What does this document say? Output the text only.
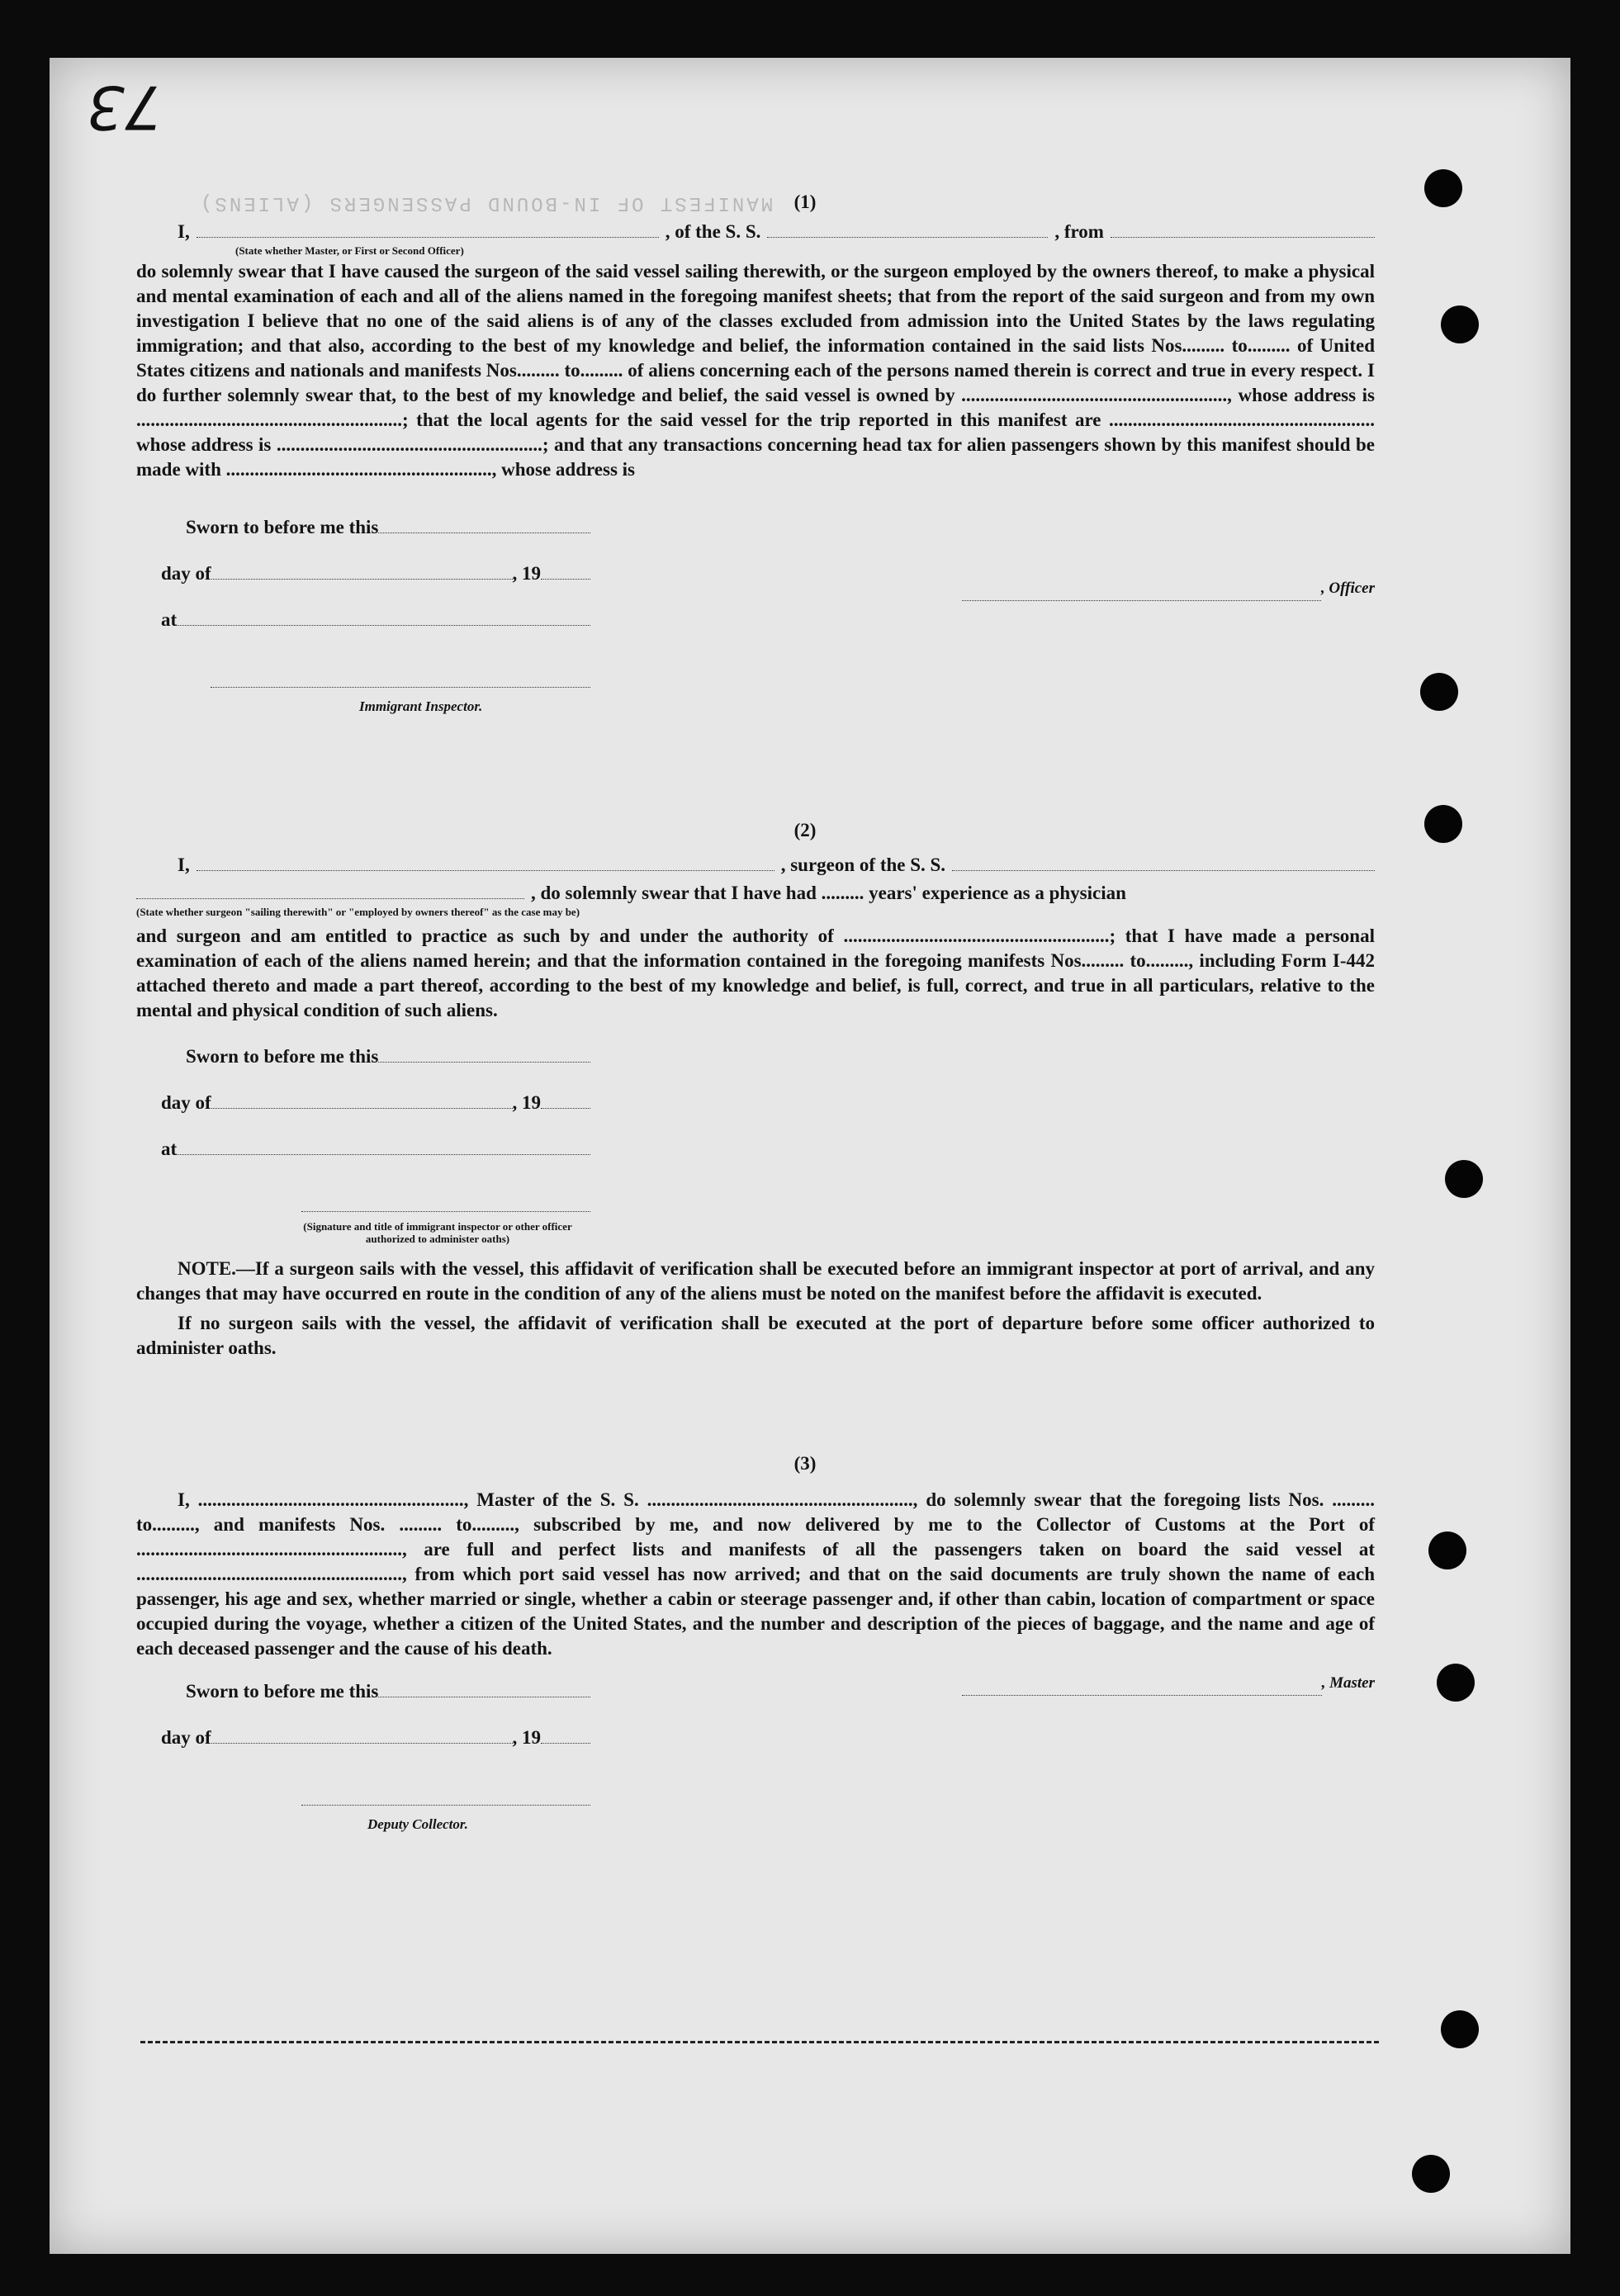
73
MANIFEST OF IN-BOUND PASSENGERS (ALIENS)	(1)
I,	, of the S. S.	, from
(State whether Master, or First or Second Officer)

do solemnly swear that I have caused the surgeon of the said vessel sailing therewith, or the surgeon employed by the owners thereof, to make a physical and mental examination of each and all of the aliens named in the foregoing manifest sheets; that from the report of the said surgeon and from my own investigation I believe that no one of the said aliens is of any of the classes excluded from admission into the United States by the laws regulating immigration; and that also, according to the best of my knowledge and belief, the information contained in the said lists Nos......... to......... of United States citizens and nationals and manifests Nos......... to......... of aliens concerning each of the persons named therein is correct and true in every respect. I do further solemnly swear that, to the best of my knowledge and belief, the said vessel is owned by ........................................................, whose address is ........................................................; that the local agents for the said vessel for the trip reported in this manifest are ........................................................ whose address is ........................................................; and that any transactions concerning head tax for alien passengers shown by this manifest should be made with ........................................................, whose address is

Sworn to before me this
day of	, 19
at
Immigrant Inspector.
, Officer
(2)
I,	, surgeon of the S. S.
, do solemnly swear that I have had ......... years' experience as a physician
(State whether surgeon "sailing therewith" or "employed by owners thereof" as the case may be)

and surgeon and am entitled to practice as such by and under the authority of ........................................................; that I have made a personal examination of each of the aliens named herein; and that the information contained in the foregoing manifests Nos......... to........., including Form I-442 attached thereto and made a part thereof, according to the best of my knowledge and belief, is full, correct, and true in all particulars, relative to the mental and physical condition of such aliens.

Sworn to before me this
day of	, 19
at
(Signature and title of immigrant inspector or other officer authorized to administer oaths)

NOTE.—If a surgeon sails with the vessel, this affidavit of verification shall be executed before an immigrant inspector at port of arrival, and any changes that may have occurred en route in the condition of any of the aliens must be noted on the manifest before the affidavit is executed.

If no surgeon sails with the vessel, the affidavit of verification shall be executed at the port of departure before some officer authorized to administer oaths.

(3)

I, ........................................................, Master of the S. S. ........................................................, do solemnly swear that the foregoing lists Nos. ......... to........., and manifests Nos. ......... to........., subscribed by me, and now delivered by me to the Collector of Customs at the Port of ........................................................, are full and perfect lists and manifests of all the passengers taken on board the said vessel at ........................................................, from which port said vessel has now arrived; and that on the said documents are truly shown the name of each passenger, his age and sex, whether married or single, whether a cabin or steerage passenger and, if other than cabin, location of compartment or space occupied during the voyage, whether a citizen of the United States, and the number and description of the pieces of baggage, and the name and age of each deceased passenger and the cause of his death.

Sworn to before me this
day of	, 19
Deputy Collector.
, Master
